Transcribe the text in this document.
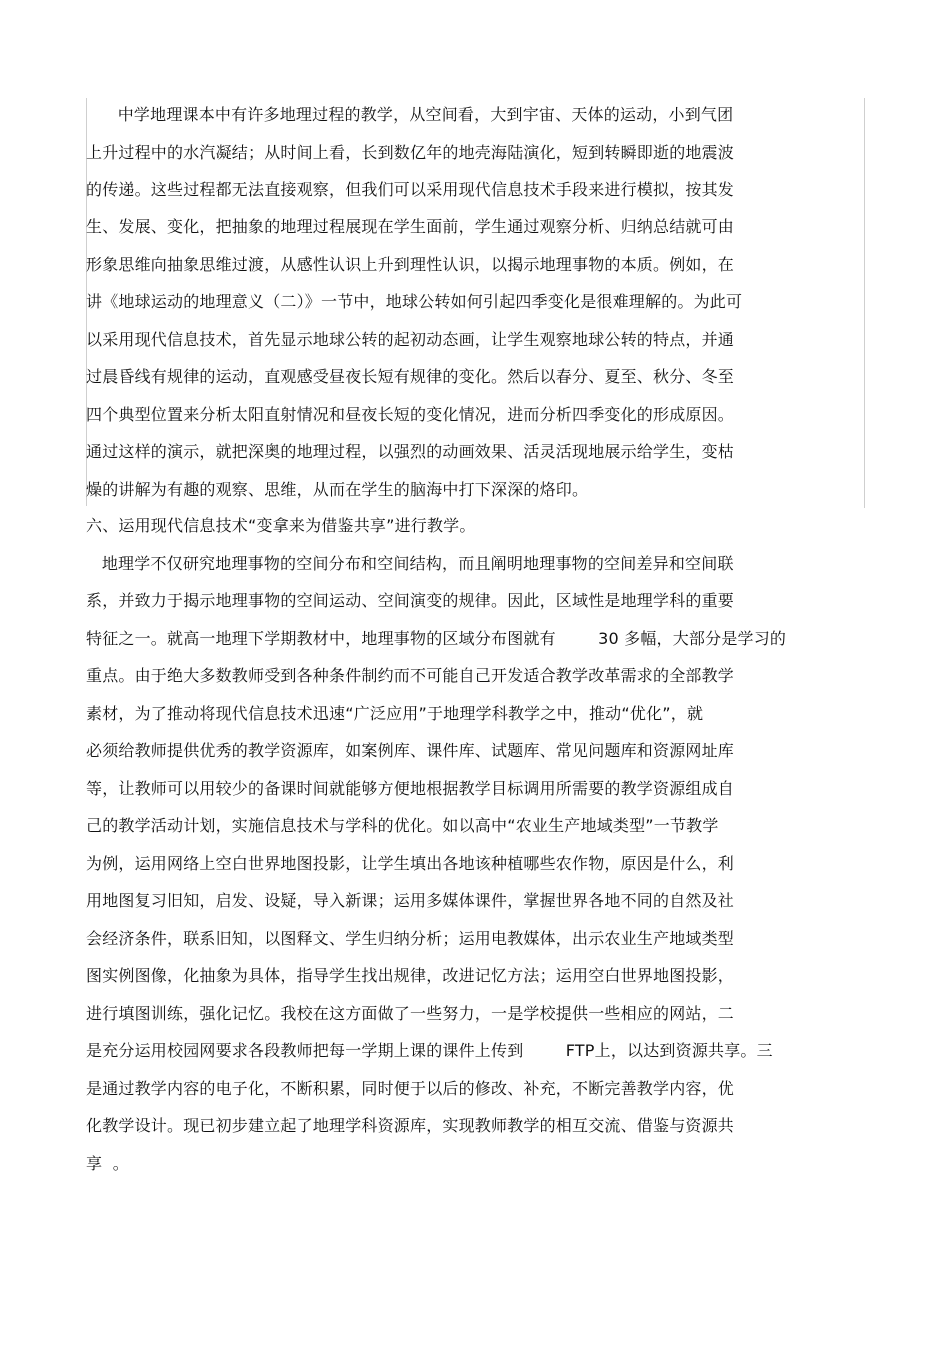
中学地理课本中有许多地理过程的教学，从空间看，大到宇宙、天体的运动，小到气团

上升过程中的水汽凝结；从时间上看，长到数亿年的地壳海陆演化，短到转瞬即逝的地震波

的传递。这些过程都无法直接观察，但我们可以采用现代信息技术手段来进行模拟，按其发

生、发展、变化，把抽象的地理过程展现在学生面前，学生通过观察分析、归纳总结就可由

形象思维向抽象思维过渡，从感性认识上升到理性认识，以揭示地理事物的本质。例如，在

讲《地球运动的地理意义（二）》一节中，地球公转如何引起四季变化是很难理解的。为此可

以采用现代信息技术，首先显示地球公转的起初动态画，让学生观察地球公转的特点，并通

过晨昏线有规律的运动，直观感受昼夜长短有规律的变化。然后以春分、夏至、秋分、冬至

四个典型位置来分析太阳直射情况和昼夜长短的变化情况，进而分析四季变化的形成原因。

通过这样的演示，就把深奥的地理过程，以强烈的动画效果、活灵活现地展示给学生，变枯

燥的讲解为有趣的观察、思维，从而在学生的脑海中打下深深的烙印。

六、运用现代信息技术“变拿来为借鉴共享”进行教学。

地理学不仅研究地理事物的空间分布和空间结构，而且阐明地理事物的空间差异和空间联

系，并致力于揭示地理事物的空间运动、空间演变的规律。因此，区域性是地理学科的重要

特征之一。就高一地理下学期教材中，地理事物的区域分布图就有        30 多幅，大部分是学习的

重点。由于绝大多数教师受到各种条件制约而不可能自己开发适合教学改革需求的全部教学

素材，为了推动将现代信息技术迅速“广泛应用”于地理学科教学之中，推动“优化”，就

必须给教师提供优秀的教学资源库，如案例库、课件库、试题库、常见问题库和资源网址库

等，让教师可以用较少的备课时间就能够方便地根据教学目标调用所需要的教学资源组成自

己的教学活动计划，实施信息技术与学科的优化。如以高中“农业生产地域类型”一节教学

为例，运用网络上空白世界地图投影，让学生填出各地该种植哪些农作物，原因是什么，利

用地图复习旧知，启发、设疑，导入新课；运用多媒体课件，掌握世界各地不同的自然及社

会经济条件，联系旧知，以图释文、学生归纳分析；运用电教媒体，出示农业生产地域类型

图实例图像，化抽象为具体，指导学生找出规律，改进记忆方法；运用空白世界地图投影，

进行填图训练，强化记忆。我校在这方面做了一些努力，一是学校提供一些相应的网站，二

是充分运用校园网要求各段教师把每一学期上课的课件上传到        FTP上，以达到资源共享。三

是通过教学内容的电子化，不断积累，同时便于以后的修改、补充，不断完善教学内容，优

化教学设计。现已初步建立起了地理学科资源库，实现教师教学的相互交流、借鉴与资源共

享  。
